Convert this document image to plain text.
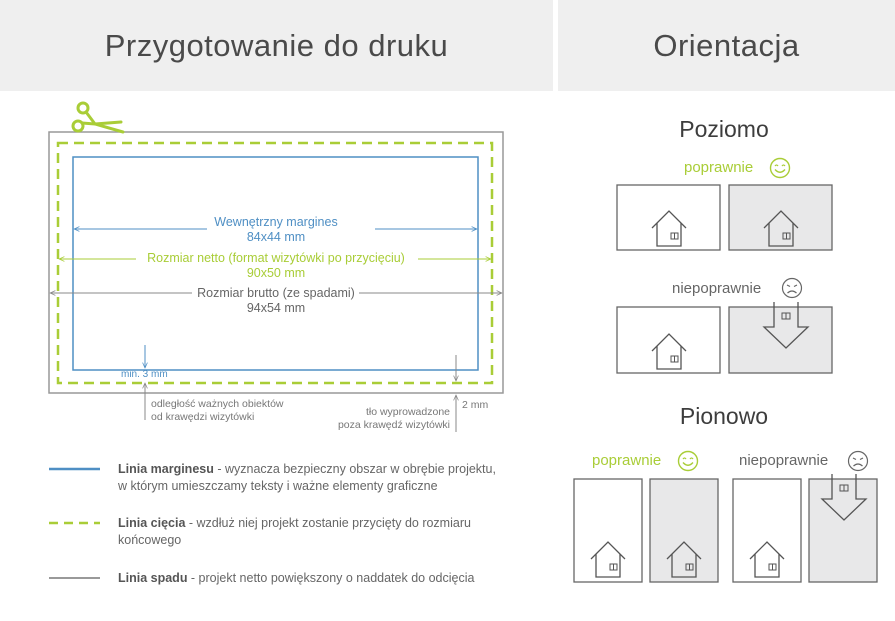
Przygotowanie do druku	Orientacja
Wewnętrzny margines
84x44 mm
Rozmiar netto (format wizytówki po przycięciu)
90x50 mm
Rozmiar brutto (ze spadami)
94x54 mm
min. 3 mm
odległość ważnych obiektów
od krawędzi wizytówki	tło wyprowadzone
poza krawędź wizytówki
2 mm
Linia marginesu - wyznacza bezpieczny obszar w obrębie projektu,
w którym umieszczamy teksty i ważne elementy graficzne
Linia cięcia - wzdłuż niej projekt zostanie przycięty do rozmiaru
końcowego
Linia spadu - projekt netto powiększony o naddatek do odcięcia
Poziomo
poprawnie
niepoprawnie
Pionowo
poprawnie	niepoprawnie
